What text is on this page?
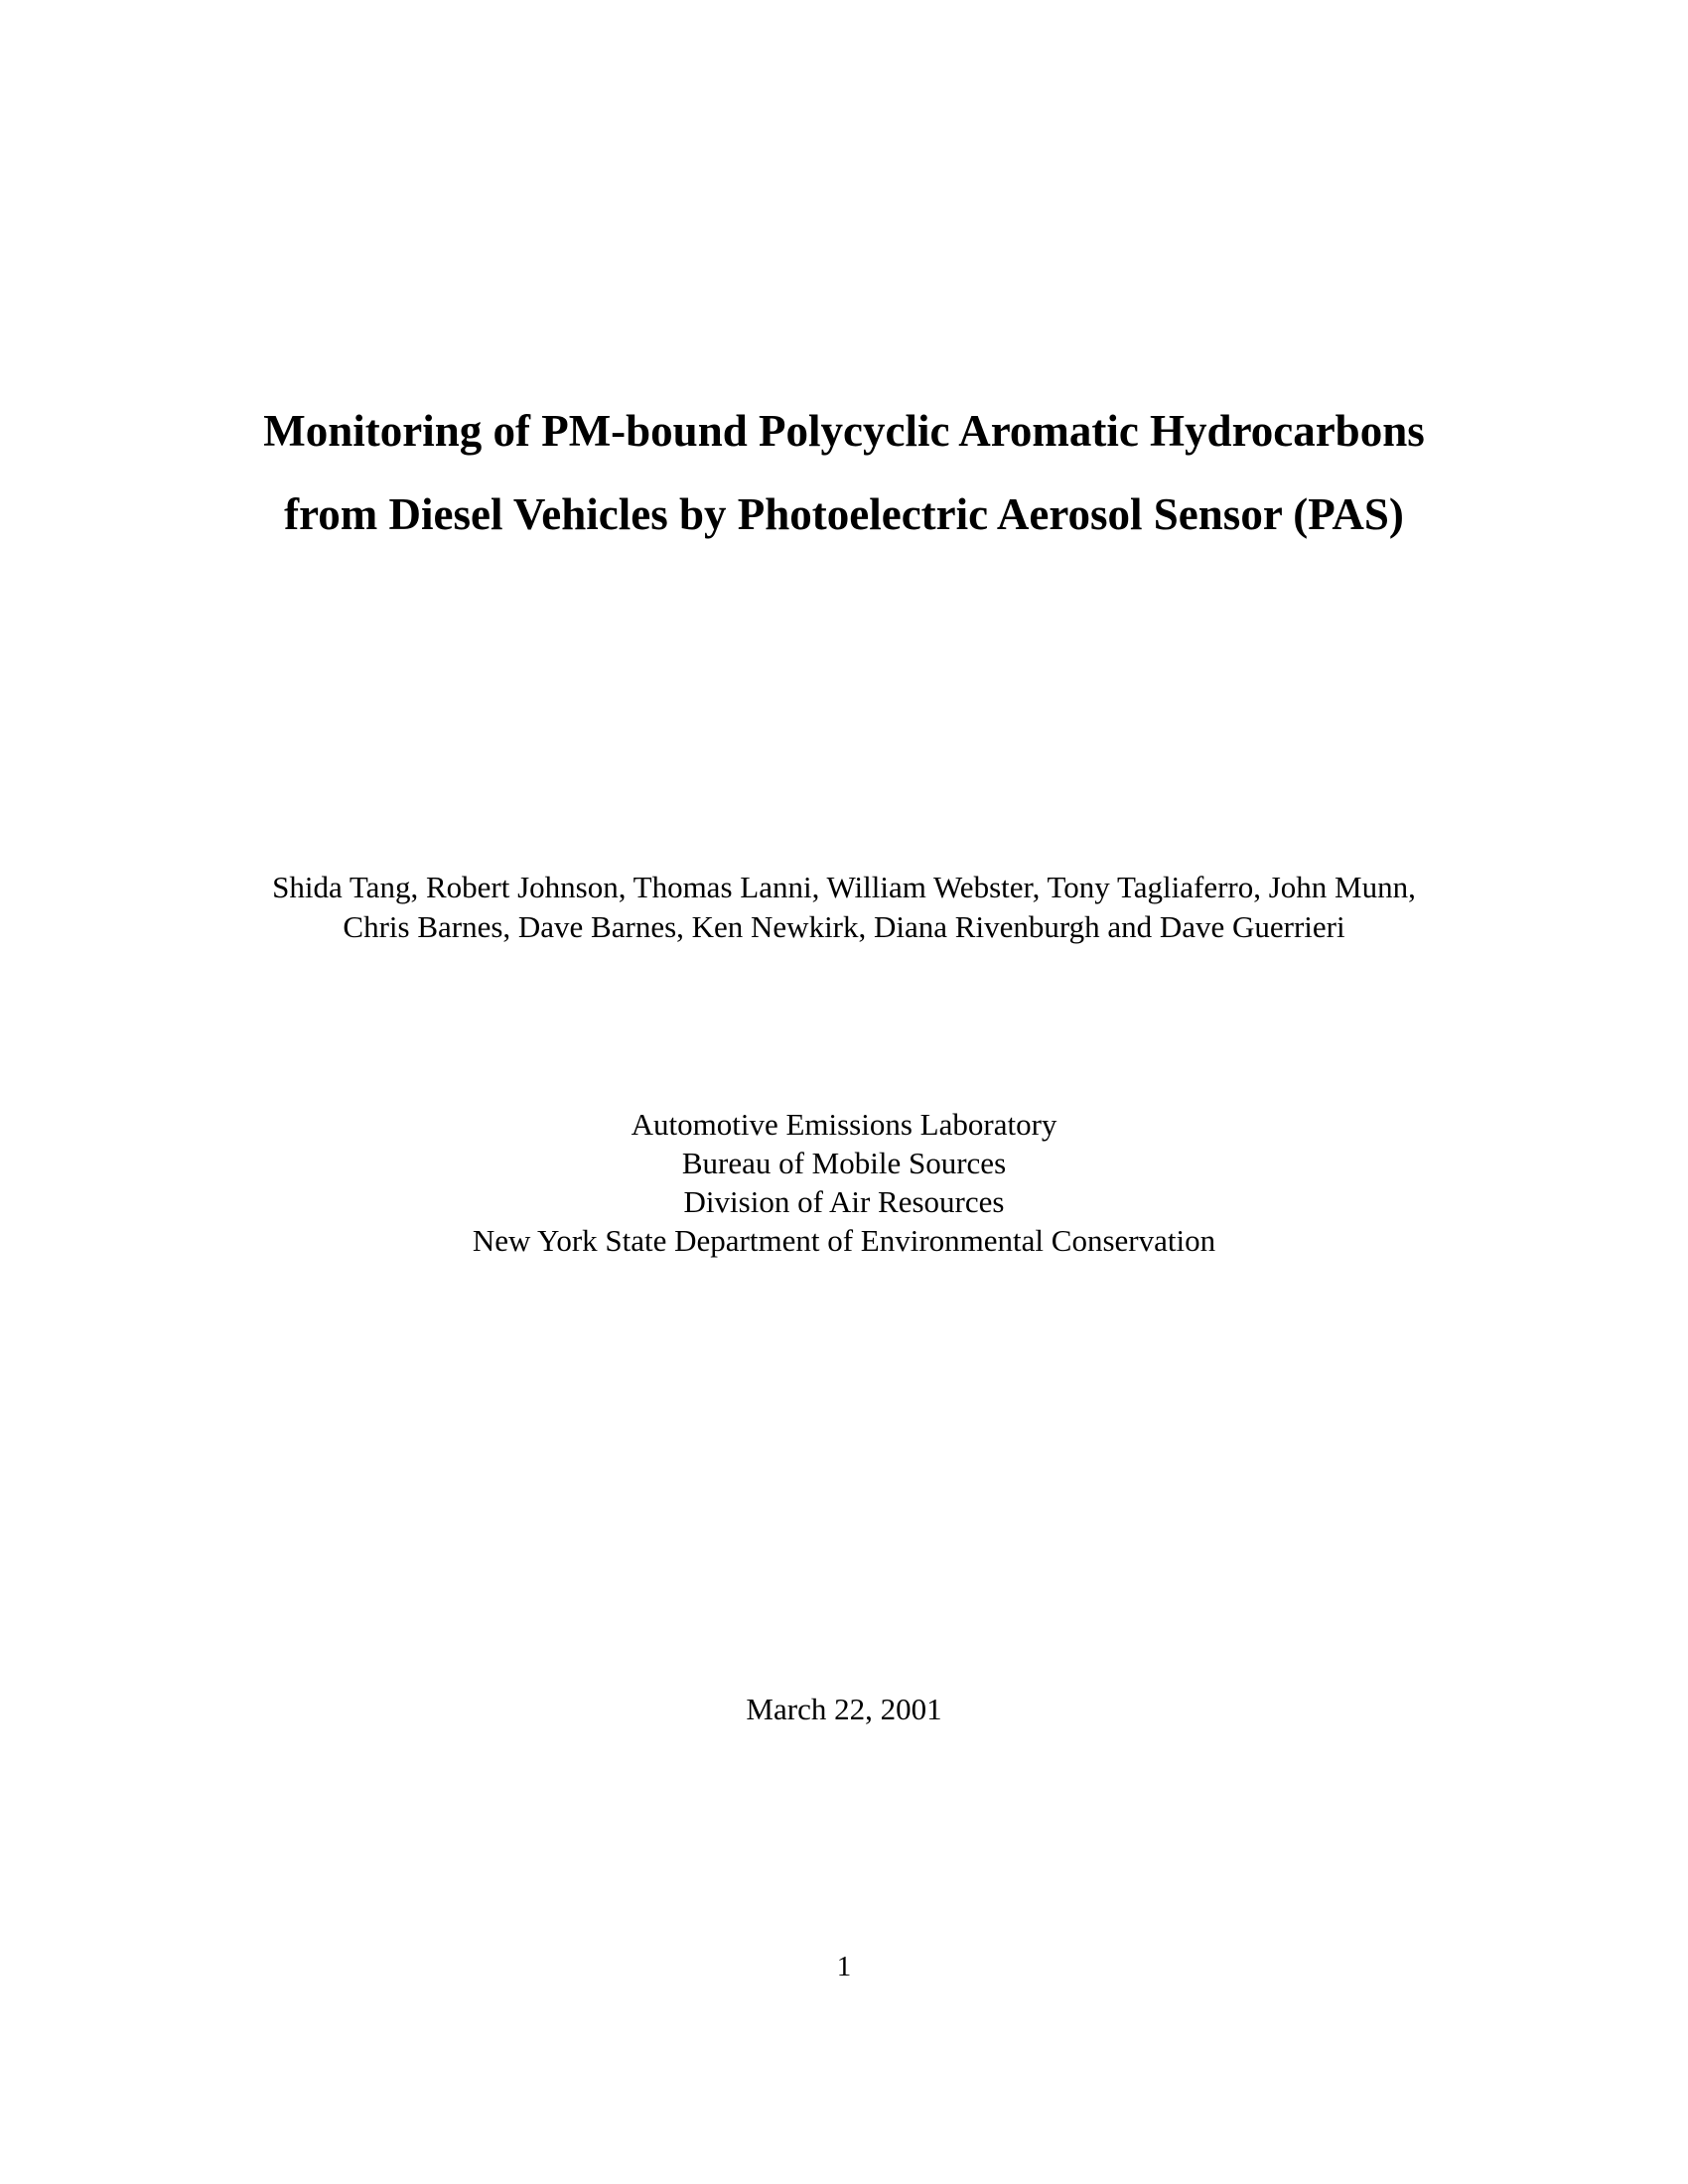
Monitoring of PM-bound Polycyclic Aromatic Hydrocarbons
from Diesel Vehicles by Photoelectric Aerosol Sensor (PAS)
Shida Tang, Robert Johnson, Thomas Lanni, William Webster, Tony Tagliaferro, John Munn,
Chris Barnes, Dave Barnes, Ken Newkirk, Diana Rivenburgh and Dave Guerrieri
Automotive Emissions Laboratory
Bureau of Mobile Sources
Division of Air Resources
New York State Department of Environmental Conservation
March 22, 2001
1
